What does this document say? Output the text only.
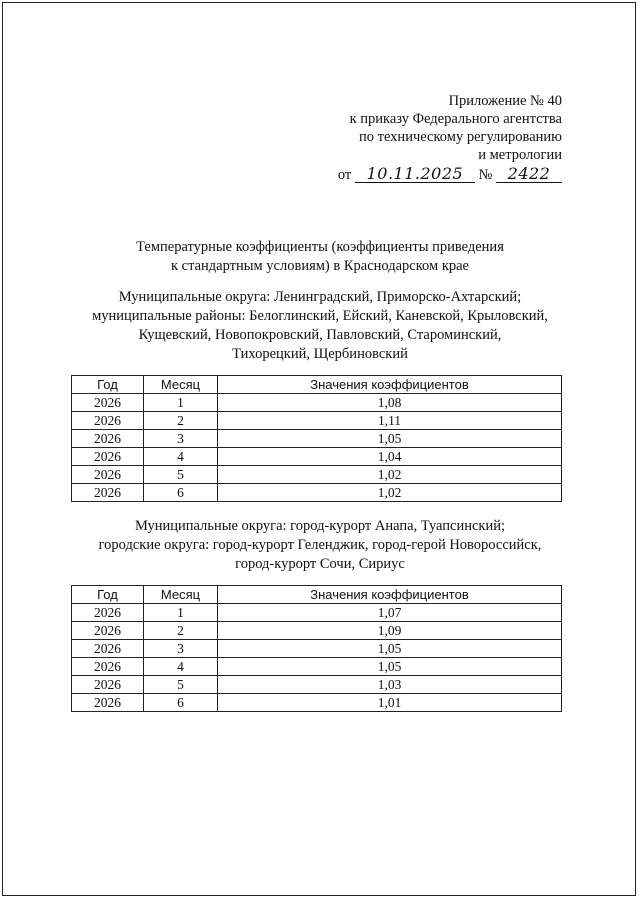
Приложение № 40
к приказу Федерального агентства
по техническому регулированию
и метрологии
от 10.11.2025 № 2422
Температурные коэффициенты (коэффициенты приведения
к стандартным условиям) в Краснодарском крае
Муниципальные округа: Ленинградский, Приморско-Ахтарский;
муниципальные районы: Белоглинский, Ейский, Каневской, Крыловский,
Кущевский, Новопокровский, Павловский, Староминский,
Тихорецкий, Щербиновский
Год	Месяц	Значения коэффициентов
2026	1	1,08
2026	2	1,11
2026	3	1,05
2026	4	1,04
2026	5	1,02
2026	6	1,02
Муниципальные округа: город-курорт Анапа, Туапсинский;
городские округа: город-курорт Геленджик, город-герой Новороссийск,
город-курорт Сочи, Сириус
Год	Месяц	Значения коэффициентов
2026	1	1,07
2026	2	1,09
2026	3	1,05
2026	4	1,05
2026	5	1,03
2026	6	1,01
